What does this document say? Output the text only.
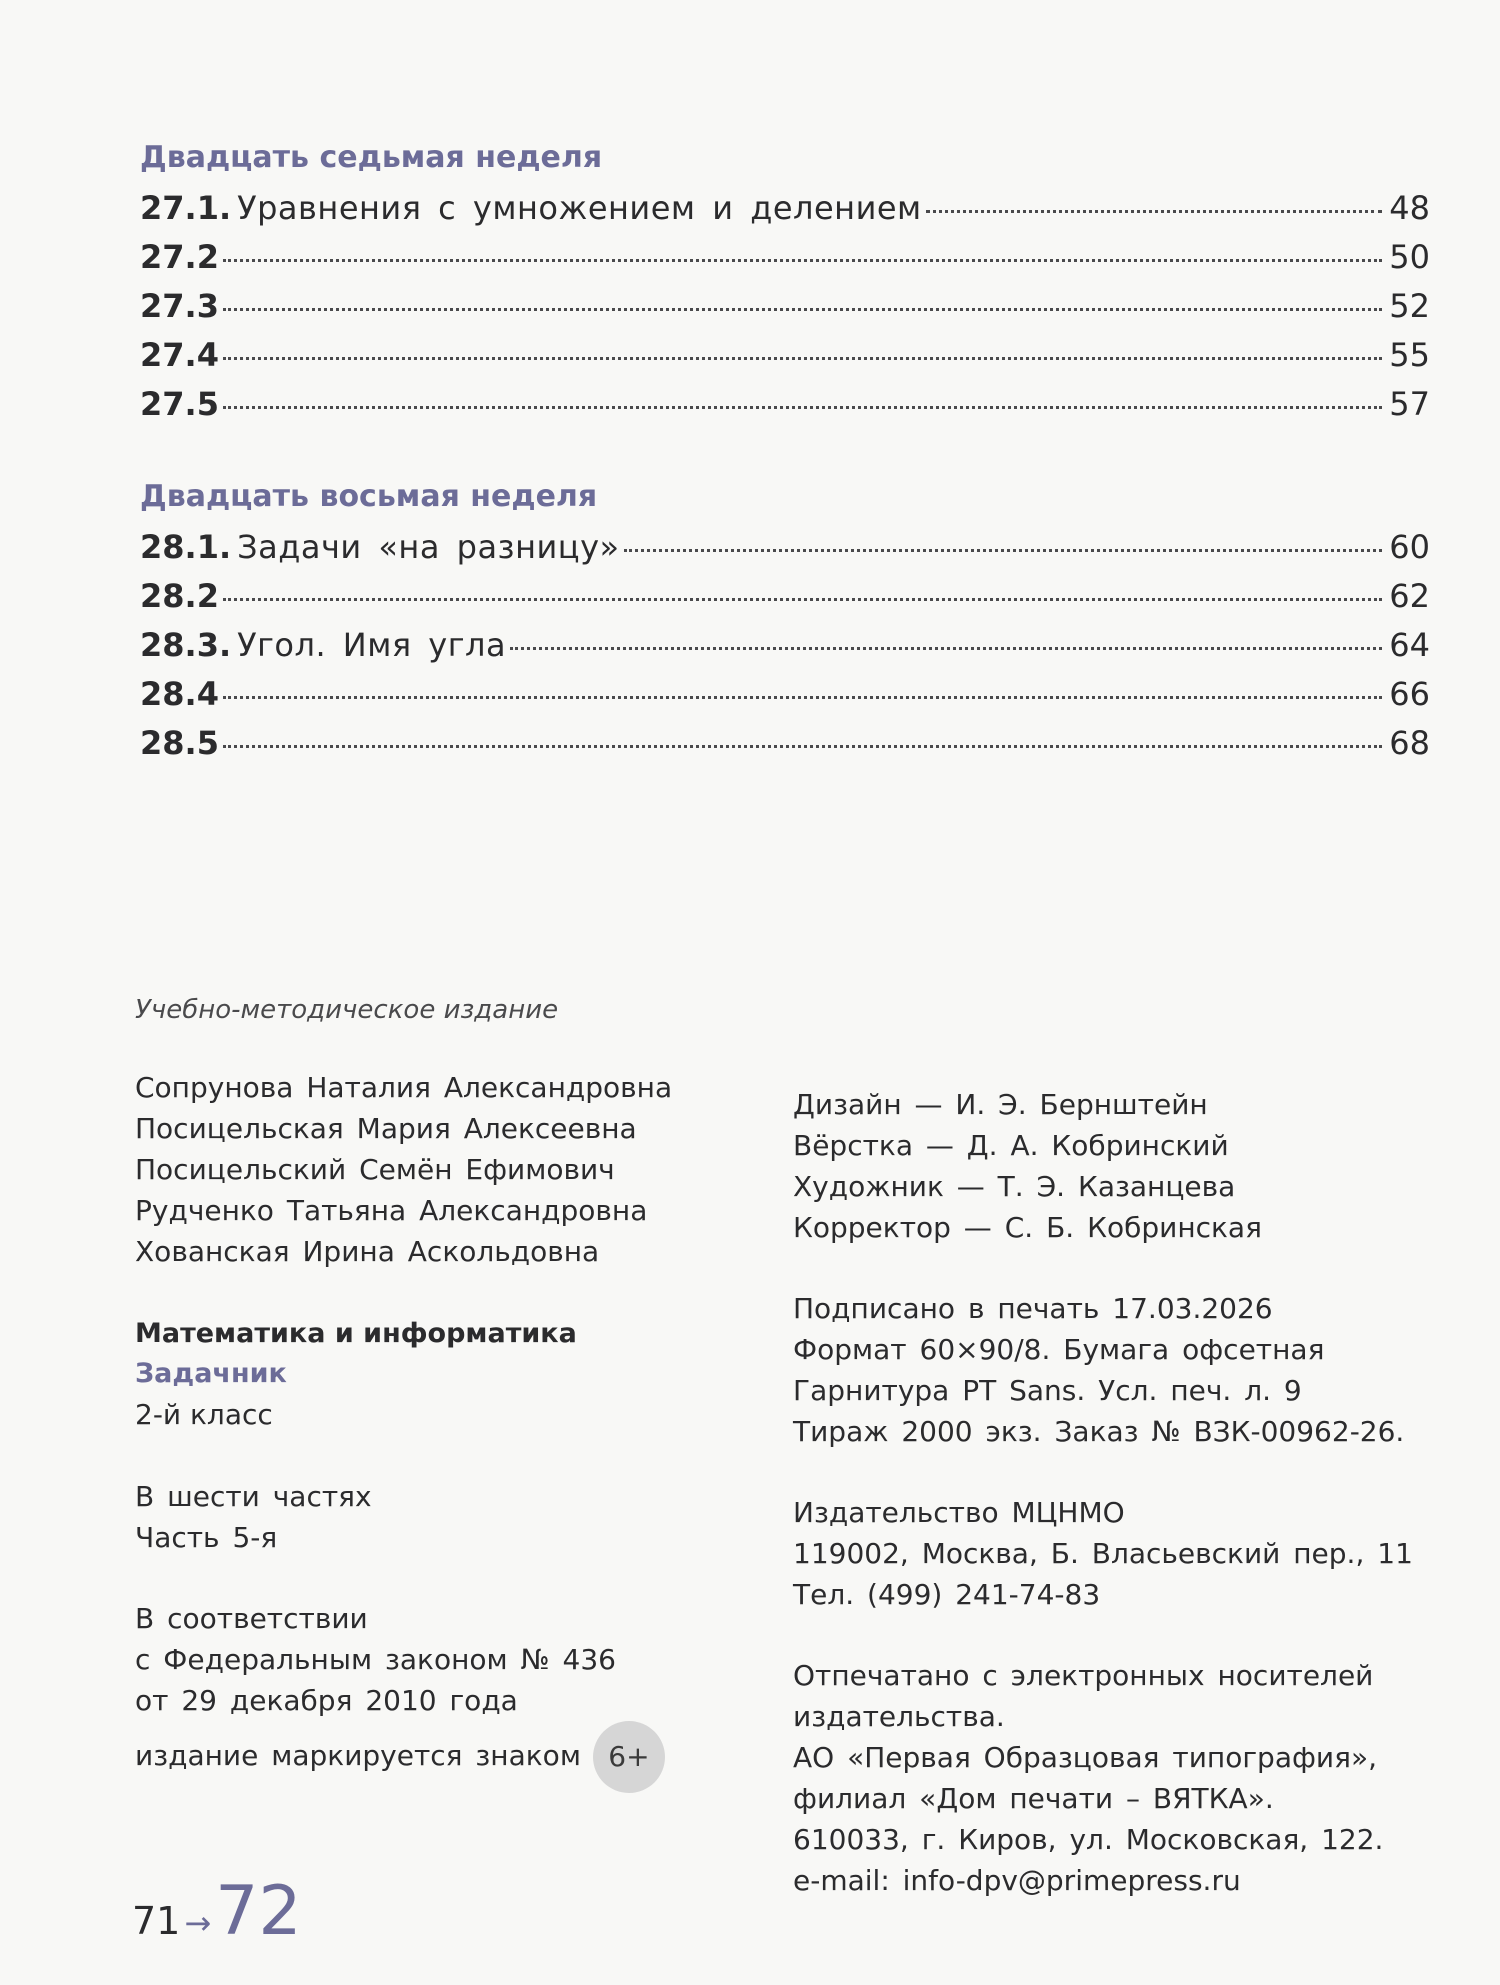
Двадцать седьмая неделя
27.1. Уравнения с умножением и делением	48
27.2	50
27.3	52
27.4	55
27.5	57
Двадцать восьмая неделя
28.1. Задачи «на разницу»	60
28.2	62
28.3. Угол. Имя угла	64
28.4	66
28.5	68
Учебно-методическое издание
Сопрунова Наталия Александровна
Посицельская Мария Алексеевна
Посицельский Семён Ефимович
Рудченко Татьяна Александровна
Хованская Ирина Аскольдовна
Математика и информатика
Задачник
2-й класс
В шести частях
Часть 5-я
В соответствии
с Федеральным законом № 436
от 29 декабря 2010 года
издание маркируется знаком 6+
71 → 72
Дизайн — И. Э. Бернштейн
Вёрстка — Д. А. Кобринский
Художник — Т. Э. Казанцева
Корректор — С. Б. Кобринская
Подписано в печать 17.03.2026
Формат 60×90/8. Бумага офсетная
Гарнитура PT Sans. Усл. печ. л. 9
Тираж 2000 экз. Заказ № ВЗК-00962-26.
Издательство МЦНМО
119002, Москва, Б. Власьевский пер., 11
Тел. (499) 241-74-83
Отпечатано с электронных носителей
издательства.
АО «Первая Образцовая типография»,
филиал «Дом печати – ВЯТКА».
610033, г. Киров, ул. Московская, 122.
e-mail: info-dpv@primepress.ru
